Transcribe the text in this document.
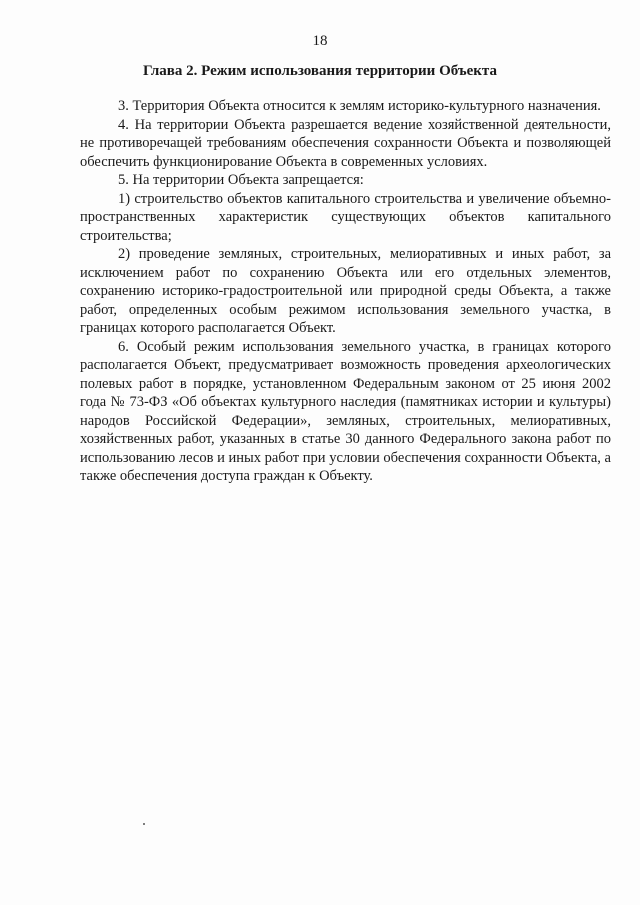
18
Глава 2. Режим использования территории Объекта

3. Территория Объекта относится к землям историко-культурного назначения.

4. На территории Объекта разрешается ведение хозяйственной деятельности, не противоречащей требованиям обеспечения сохранности Объекта и позволяющей обеспечить функционирование Объекта в современных условиях.

5. На территории Объекта запрещается:

1) строительство объектов капитального строительства и увеличение объемно-пространственных характеристик существующих объектов капитального строительства;

2) проведение земляных, строительных, мелиоративных и иных работ, за исключением работ по сохранению Объекта или его отдельных элементов, сохранению историко-градостроительной или природной среды Объекта, а также работ, определенных особым режимом использования земельного участка, в границах которого располагается Объект.

6. Особый режим использования земельного участка, в границах которого располагается Объект, предусматривает возможность проведения археологических полевых работ в порядке, установленном Федеральным законом от 25 июня 2002 года № 73-ФЗ «Об объектах культурного наследия (памятниках истории и культуры) народов Российской Федерации», земляных, строительных, мелиоративных, хозяйственных работ, указанных в статье 30 данного Федерального закона работ по использованию лесов и иных работ при условии обеспечения сохранности Объекта, а также обеспечения доступа граждан к Объекту.
